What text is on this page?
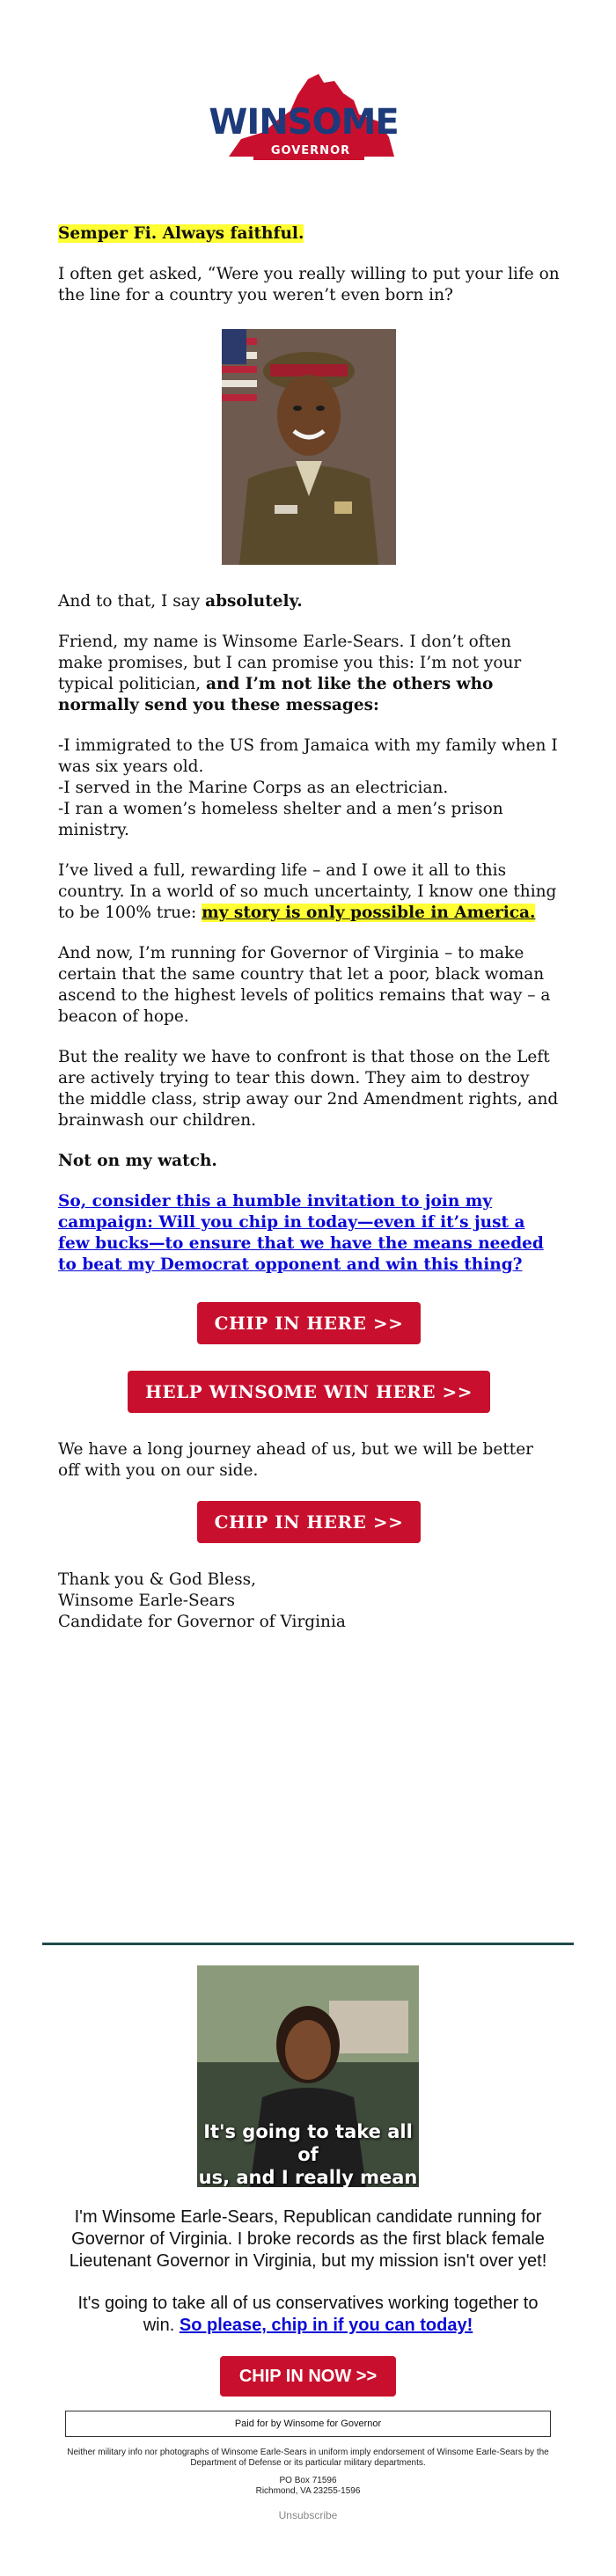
WINSOME
GOVERNOR

Semper Fi. Always faithful.

I often get asked, “Were you really willing to put your life on the line for a country you weren’t even born in?

And to that, I say absolutely.

Friend, my name is Winsome Earle-Sears. I don’t often make promises, but I can promise you this: I’m not your typical politician, and I’m not like the others who normally send you these messages:

-I immigrated to the US from Jamaica with my family when I was six years old.
-I served in the Marine Corps as an electrician.
-I ran a women’s homeless shelter and a men’s prison ministry.

I’ve lived a full, rewarding life – and I owe it all to this country. In a world of so much uncertainty, I know one thing to be 100% true: my story is only possible in America.

And now, I’m running for Governor of Virginia – to make certain that the same country that let a poor, black woman ascend to the highest levels of politics remains that way – a beacon of hope.

But the reality we have to confront is that those on the Left are actively trying to tear this down. They aim to destroy the middle class, strip away our 2nd Amendment rights, and brainwash our children.

Not on my watch.

So, consider this a humble invitation to join my campaign: Will you chip in today—even if it’s just a few bucks—to ensure that we have the means needed to beat my Democrat opponent and win this thing?

CHIP IN HERE >>
HELP WINSOME WIN HERE >>

We have a long journey ahead of us, but we will be better off with you on our side.

CHIP IN HERE >>

Thank you & God Bless,
Winsome Earle-Sears
Candidate for Governor of Virginia

It's going to take all of
us, and I really mean
I'm Winsome Earle-Sears, Republican candidate running for Governor of Virginia. I broke records as the first black female Lieutenant Governor in Virginia, but my mission isn't over yet!
It's going to take all of us conservatives working together to win. So please, chip in if you can today!
CHIP IN NOW >>
Paid for by Winsome for Governor
Neither military info nor photographs of Winsome Earle-Sears in uniform imply endorsement of Winsome Earle-Sears by the Department of Defense or its particular military departments.
PO Box 71596
Richmond, VA 23255-1596
Unsubscribe
